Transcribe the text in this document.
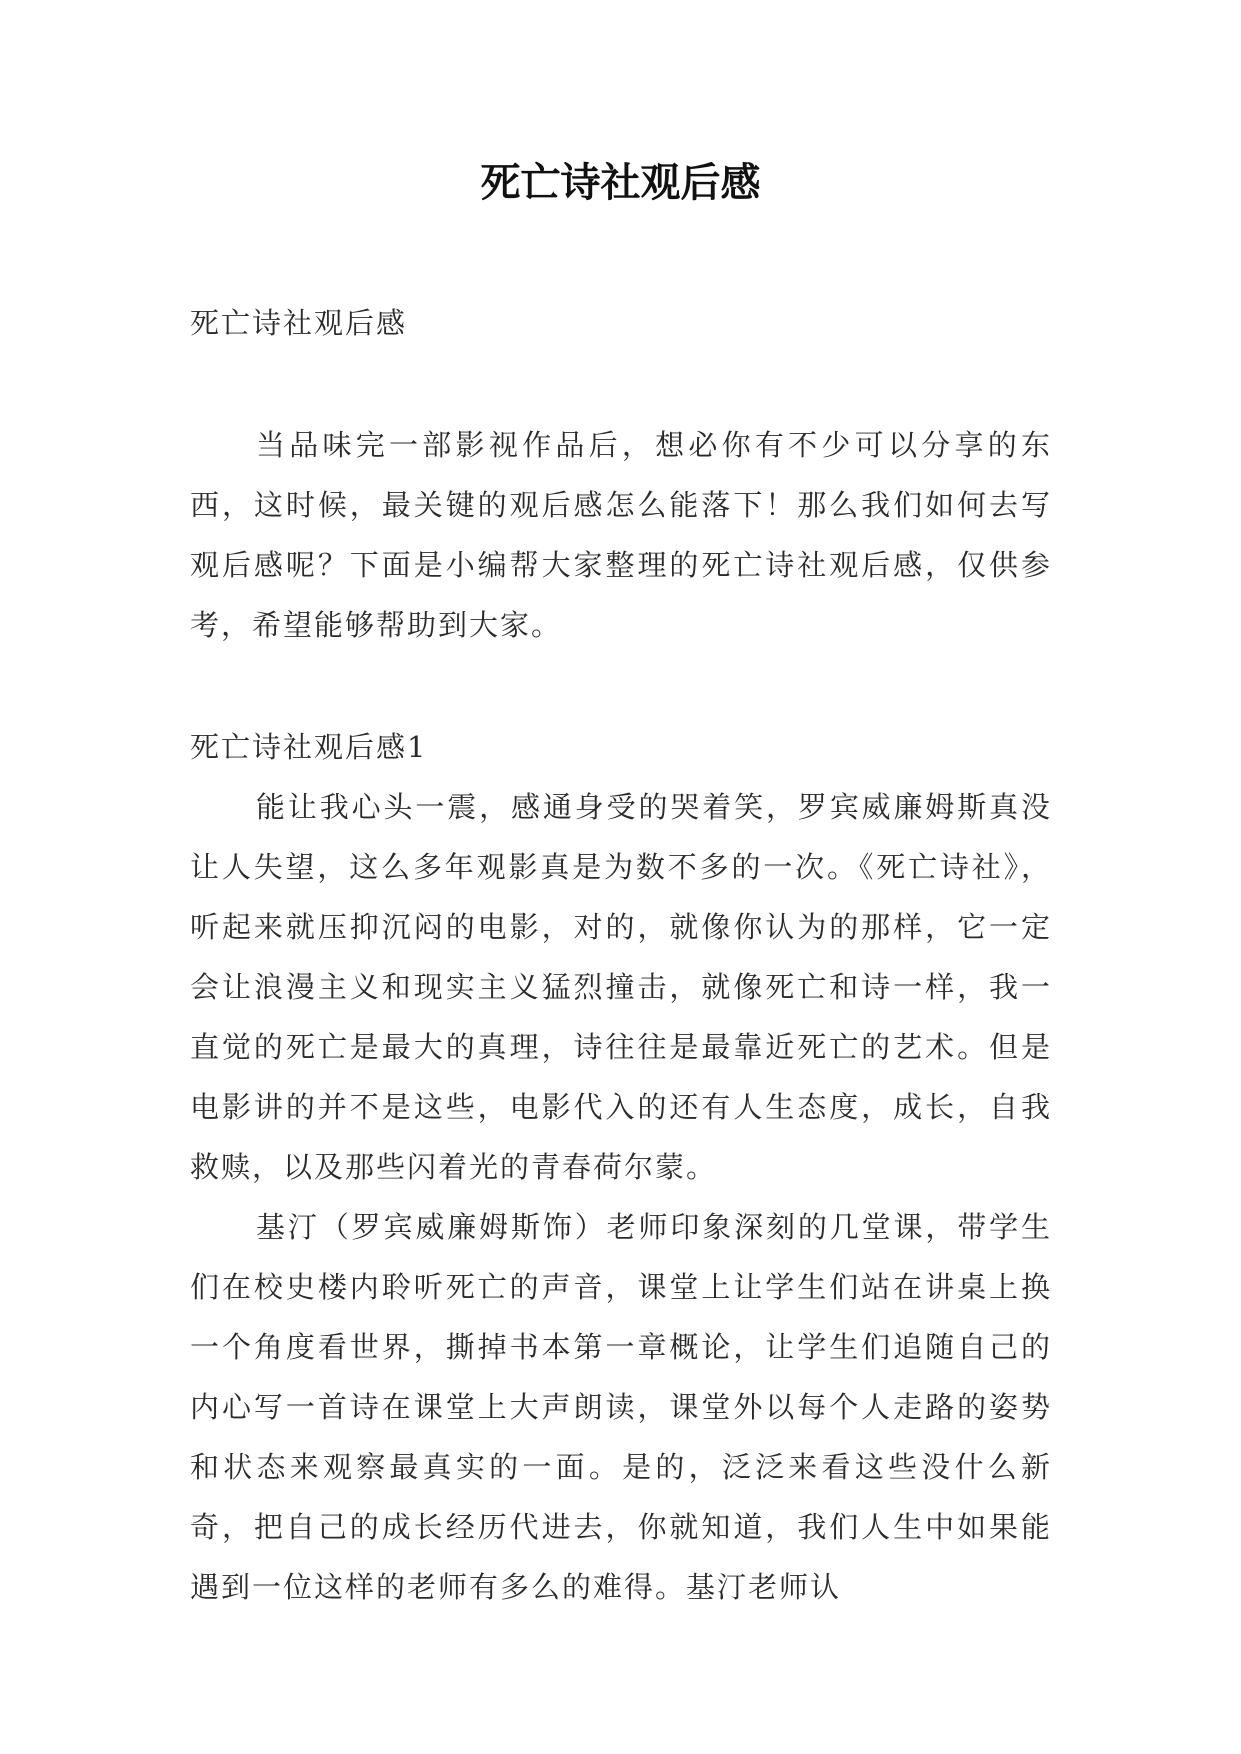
死亡诗社观后感

死亡诗社观后感

当品味完一部影视作品后，想必你有不少可以分享的东西，这时候，最关键的观后感怎么能落下！那么我们如何去写观后感呢？下面是小编帮大家整理的死亡诗社观后感，仅供参考，希望能够帮助到大家。

死亡诗社观后感1

能让我心头一震，感通身受的哭着笑，罗宾威廉姆斯真没让人失望，这么多年观影真是为数不多的一次。《死亡诗社》，听起来就压抑沉闷的电影，对的，就像你认为的那样，它一定会让浪漫主义和现实主义猛烈撞击，就像死亡和诗一样，我一直觉的死亡是最大的真理，诗往往是最靠近死亡的艺术。但是电影讲的并不是这些，电影代入的还有人生态度，成长，自我救赎，以及那些闪着光的青春荷尔蒙。

基汀（罗宾威廉姆斯饰）老师印象深刻的几堂课，带学生们在校史楼内聆听死亡的声音，课堂上让学生们站在讲桌上换一个角度看世界，撕掉书本第一章概论，让学生们追随自己的内心写一首诗在课堂上大声朗读，课堂外以每个人走路的姿势和状态来观察最真实的一面。是的，泛泛来看这些没什么新奇，把自己的成长经历代进去，你就知道，我们人生中如果能遇到一位这样的老师有多么的难得。基汀老师认
